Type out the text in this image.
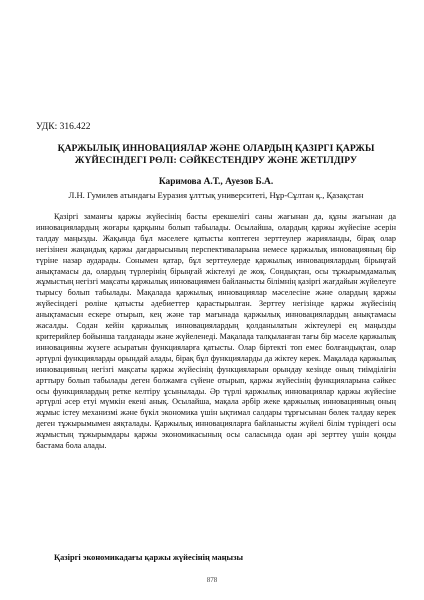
УДК: 316.422
ҚАРЖЫЛЫҚ ИННОВАЦИЯЛАР ЖӘНЕ ОЛАРДЫҢ ҚАЗІРГІ ҚАРЖЫ ЖҮЙЕСІНДЕГІ РӨЛІ: СӘЙКЕСТЕНДІРУ ЖӘНЕ ЖЕТІЛДІРУ
Каримова А.Т., Ауезов Б.А.
Л.Н. Гумилев атындағы Еуразия ұлттық университеті, Нұр-Сұлтан қ., Қазақстан

Қазіргі заманғы қаржы жүйесінің басты ерекшелігі саны жағынан да, құны жағынан да инновациялардың жоғары қарқыны болып табылады. Осылайша, олардың қаржы жүйесіне әсерін талдау маңызды. Жақында бұл мәселеге қатысты көптеген зерттеулер жарияланды, бірақ олар негізінен жаңандық қаржы дағдарысының перспективаларына немесе қаржылық инновацияның бір түріне назар аударады. Сонымен қатар, бұл зерттеулерде қаржылық инновациялардың бірыңғай анықтамасы да, олардың түрлерінің бірыңғай жіктелуі де жоқ. Сондықтан, осы тұжырымдамалық жұмыстың негізгі мақсаты қаржылық инновациямен байланысты білімнің қазіргі жағдайын жүйелеуге тырысу болып табылады. Мақалада қаржылық инновациялар мәселесіне және олардың қаржы жүйесіндегі рөліне қатысты әдебиеттер қарастырылған. Зерттеу негізінде қаржы жүйесінің анықтамасын ескере отырып, кең және тар мағынада қаржылық инновациялардың анықтамасы жасалды. Содан кейін қаржылық инновациялардың қолданылатын жіктеулері ең маңызды критерийлер бойынша талданады және жүйеленеді. Мақалада талқыланған тағы бір мәселе қаржылық инновацияны жүзеге асыратын функцияларға қатысты. Олар біртекті топ емес болғандықтан, олар әртүрлі функцияларды орындай алады, бірақ бұл функцияларды да жіктеу керек. Мақалада қаржылық инновацияның негізгі мақсаты қаржы жүйесінің функцияларын орындау кезінде оның тиімділігін арттыру болып табылады деген болжамға сүйене отырып, қаржы жүйесінің функцияларына сәйкес осы функциялардың ретке келтіру ұсынылады. Әр түрлі қаржылық инновациялар қаржы жүйесіне әртүрлі әсер етуі мүмкін екені анық. Осылайша, мақала әрбір жеке қаржылық инновацияның оның жұмыс істеу механизмі және бүкіл экономика үшін ықтимал салдары тұрғысынан бөлек талдау керек деген тұжырымымен аяқталады. Қаржылық инновацияларға байланысты жүйелі білім түріндегі осы жұмыстың тұжырымдары қаржы экономикасының осы саласында одан әрі зерттеу үшін қоңды бастама бола алады.

Қазіргі экономикадағы қаржы жүйесінің маңызы
878
